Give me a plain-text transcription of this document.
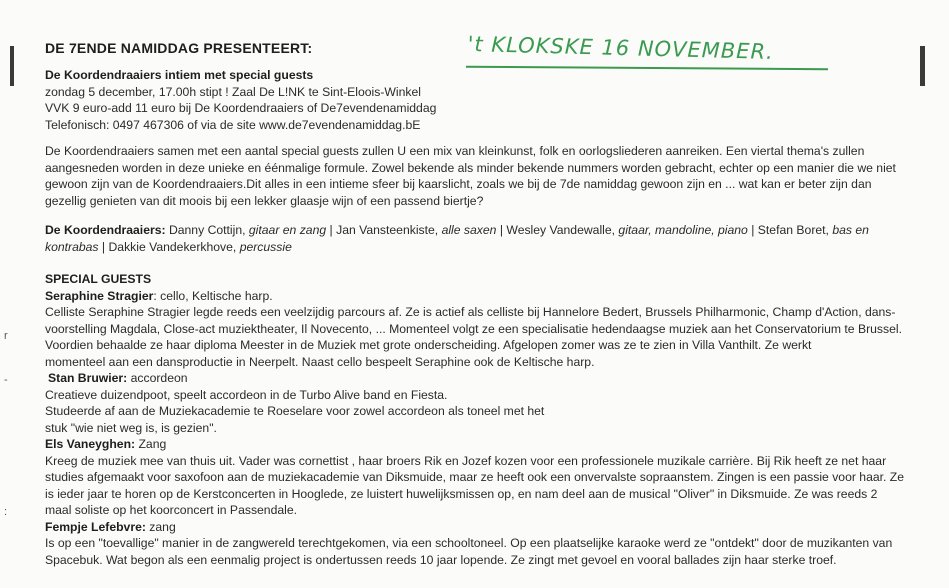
r
-
:
DE 7ENDE NAMIDDAG PRESENTEERT:	't KLOKSKE 16 NOVEMBER.

De Koordendraaiers intiem met special guests

zondag 5 december, 17.00h stipt ! Zaal De L!NK te Sint-Eloois-Winkel

VVK 9 euro-add 11 euro bij De Koordendraaiers of De7evendenamiddag

Telefonisch: 0497 467306 of via de site www.de7evendenamiddag.bE

De Koordendraaiers samen met een aantal special guests zullen U een mix van kleinkunst, folk en oorlogsliederen aanreiken. Een viertal thema's zullen

aangesneden worden in deze unieke en éénmalige formule. Zowel bekende als minder bekende nummers worden gebracht, echter op een manier die we niet

gewoon zijn van de Koordendraaiers.Dit alles in een intieme sfeer bij kaarslicht, zoals we bij de 7de namiddag gewoon zijn en ... wat kan er beter zijn dan

gezellig genieten van dit moois bij een lekker glaasje wijn of een passend biertje?

De Koordendraaiers: Danny Cottijn, gitaar en zang | Jan Vansteenkiste, alle saxen | Wesley Vandewalle, gitaar, mandoline, piano | Stefan Boret, bas en

kontrabas | Dakkie Vandekerkhove, percussie

SPECIAL GUESTS

Seraphine Stragier: cello, Keltische harp.

Celliste Seraphine Stragier legde reeds een veelzijdig parcours af. Ze is actief als celliste bij Hannelore Bedert, Brussels Philharmonic, Champ d'Action, dans-

voorstelling Magdala, Close-act muziektheater, Il Novecento, ... Momenteel volgt ze een specialisatie hedendaagse muziek aan het Conservatorium te Brussel.

Voordien behaalde ze haar diploma Meester in de Muziek met grote onderscheiding. Afgelopen zomer was ze te zien in Villa Vanthilt. Ze werkt

momenteel aan een dansproductie in Neerpelt. Naast cello bespeelt Seraphine ook de Keltische harp.

Stan Bruwier: accordeon

Creatieve duizendpoot, speelt accordeon in de Turbo Alive band en Fiesta.

Studeerde af aan de Muziekacademie te Roeselare voor zowel accordeon als toneel met het

stuk "wie niet weg is, is gezien".

Els Vaneyghen: Zang

Kreeg de muziek mee van thuis uit. Vader was cornettist , haar broers Rik en Jozef kozen voor een professionele muzikale carrière. Bij Rik heeft ze net haar

studies afgemaakt voor saxofoon aan de muziekacademie van Diksmuide, maar ze heeft ook een onvervalste sopraanstem. Zingen is een passie voor haar. Ze

is ieder jaar te horen op de Kerstconcerten in Hooglede, ze luistert huwelijksmissen op, en nam deel aan de musical "Oliver" in Diksmuide. Ze was reeds 2

maal soliste op het koorconcert in Passendale.

Fempje Lefebvre: zang

Is op een "toevallige" manier in de zangwereld terechtgekomen, via een schooltoneel. Op een plaatselijke karaoke werd ze "ontdekt" door de muzikanten van

Spacebuk. Wat begon als een eenmalig project is ondertussen reeds 10 jaar lopende. Ze zingt met gevoel en vooral ballades zijn haar sterke troef.
